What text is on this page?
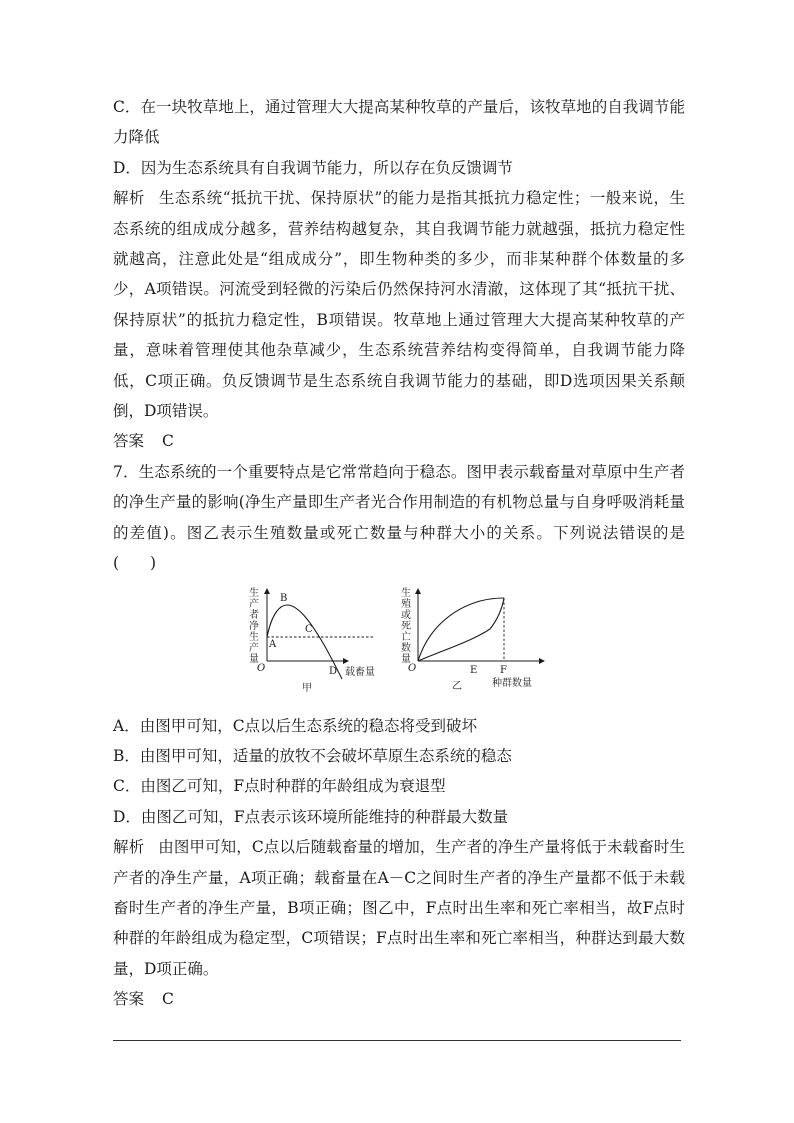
C．在一块牧草地上，通过管理大大提高某种牧草的产量后，该牧草地的自我调节能力降低

D．因为生态系统具有自我调节能力，所以存在负反馈调节

解析 生态系统“抵抗干扰、保持原状”的能力是指其抵抗力稳定性；一般来说，生态系统的组成成分越多，营养结构越复杂，其自我调节能力就越强，抵抗力稳定性就越高，注意此处是“组成成分”，即生物种类的多少，而非某种群个体数量的多少，A项错误。河流受到轻微的污染后仍然保持河水清澈，这体现了其“抵抗干扰、保持原状”的抵抗力稳定性，B项错误。牧草地上通过管理大大提高某种牧草的产量，意味着管理使其他杂草减少，生态系统营养结构变得简单，自我调节能力降低，C项正确。负反馈调节是生态系统自我调节能力的基础，即D选项因果关系颠倒，D项错误。

答案 C

7．生态系统的一个重要特点是它常常趋向于稳态。图甲表示载畜量对草原中生产者的净生产量的影响(净生产量即生产者光合作用制造的有机物总量与自身呼吸消耗量的差值)。图乙表示生殖数量或死亡数量与种群大小的关系。下列说法错误的是(　　)

生
产
者
净
生
产
量
A
B
C
D
O	载畜量
甲
生
殖
或
死
亡
数
量
O	E F
乙	种群数量

A．由图甲可知，C点以后生态系统的稳态将受到破坏

B．由图甲可知，适量的放牧不会破坏草原生态系统的稳态

C．由图乙可知，F点时种群的年龄组成为衰退型

D．由图乙可知，F点表示该环境所能维持的种群最大数量

解析 由图甲可知，C点以后随载畜量的增加，生产者的净生产量将低于未载畜时生产者的净生产量，A项正确；载畜量在A－C之间时生产者的净生产量都不低于未载畜时生产者的净生产量，B项正确；图乙中，F点时出生率和死亡率相当，故F点时种群的年龄组成为稳定型，C项错误；F点时出生率和死亡率相当，种群达到最大数量，D项正确。

答案 C
